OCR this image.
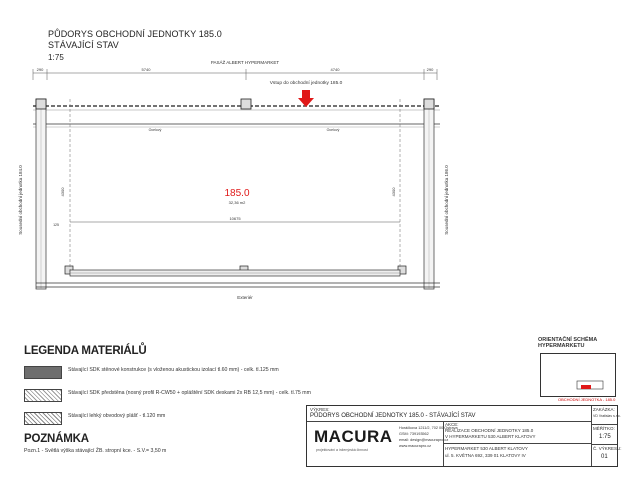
PŮDORYS OBCHODNÍ JEDNOTKY 185.0
STÁVAJÍCÍ STAV
1:75
290	5740	4740	290
PASÁŽ ALBERT HYPERMARKET
Ocelový	Ocelový
10675
4300	4300
125
Exteriér
Sousední obchodní jednotka 184.0	Sousední obchodní jednotka 186.0
Vstup do obchodní jednotky 185.0
185.0
32,36 m2
LEGENDA MATERIÁLŮ
Stávající SDK stěnové konstrukce (s vloženou akustickou izolací tl.60 mm) - celk. tl.125 mm
Stávající SDK předstěna (nosný profil R-CW50 + opláštění SDK deskami 2x RB 12,5 mm) - celk. tl.75 mm
Stávající lehký obvodový plášť - tl.120 mm
POZNÁMKA
Pozn.1 - Světlá výška stávající ŽB. stropní kce. - S.V.= 3,50 m
ORIENTAČNÍ SCHÉMA HYPERMARKETU
OBCHODNÍ JEDNOTKA - 185.0
VÝKRES:
PŮDORYS OBCHODNÍ JEDNOTKY 185.0 - STÁVAJÍCÍ STAV
AKCE:
REALIZACE OBCHODNÍ JEDNOTKY 185.0
V HYPERMARKETU 530 ALBERT KLATOVY
HYPERMARKET 530 ALBERT KLATOVY
ul. 5. KVĚTNA 692, 339 01 KLATOVY IV
Horáčkova 1211/2, 702 00 Ostrava
GSM: 739193562
email: design@macurapro.cz
www.macurapro.cz
ZAKÁZKA:
VD Vratislav s.r.o.
MĚŘÍTKO:
1:75
Č. VÝKRESU:
01
MACURA
projektování a inženýrská činnost
